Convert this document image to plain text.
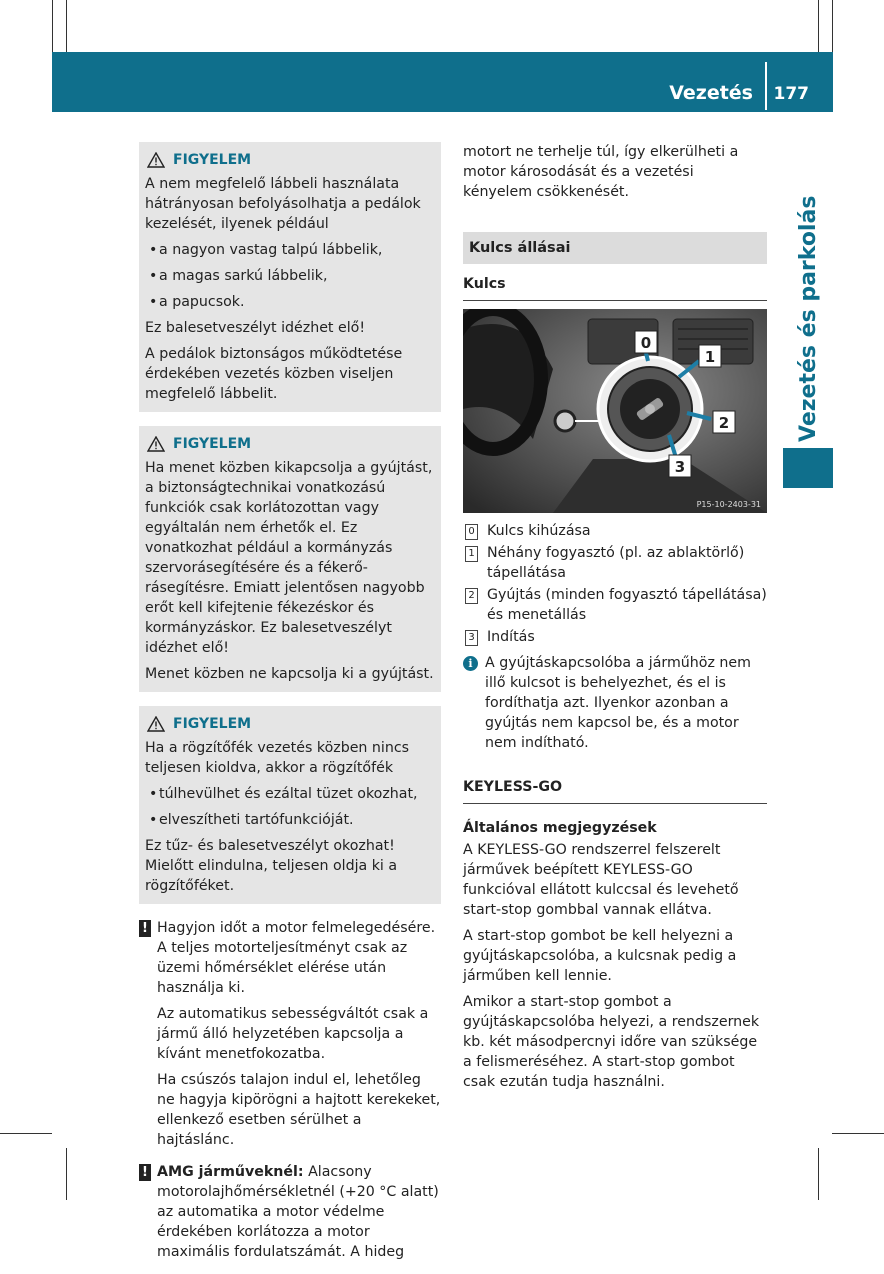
Vezetés 177
Vezetés és parkolás
FIGYELEM

A nem megfelelő lábbeli használata hátrányosan befolyásolhatja a pedálok kezelését, ilyenek például

• a nagyon vastag talpú lábbelik,
• a magas sarkú lábbelik,
• a papucsok.

Ez balesetveszélyt idézhet elő!

A pedálok biztonságos működtetése érdekében vezetés közben viseljen megfelelő lábbelit.

FIGYELEM

Ha menet közben kikapcsolja a gyújtást, a biztonságtechnikai vonatkozású funkciók csak korlátozottan vagy egyáltalán nem érhetők el. Ez vonatkozhat például a kormányzás szervorásegítésére és a fékerő-rásegítésre. Emiatt jelentősen nagyobb erőt kell kifejtenie fékezéskor és kormányzáskor. Ez balesetveszélyt idézhet elő!

Menet közben ne kapcsolja ki a gyújtást.

FIGYELEM

Ha a rögzítőfék vezetés közben nincs teljesen kioldva, akkor a rögzítőfék

• túlhevülhet és ezáltal tüzet okozhat,
• elveszítheti tartófunkcióját.

Ez tűz- és balesetveszélyt okozhat! Mielőtt elindulna, teljesen oldja ki a rögzítőféket.

! Hagyjon időt a motor felmelegedésére. A teljes motorteljesítményt csak az üzemi hőmérséklet elérése után használja ki.

Az automatikus sebességváltót csak a jármű álló helyzetében kapcsolja a kívánt menetfokozatba.

Ha csúszós talajon indul el, lehetőleg ne hagyja kipörögni a hajtott kerekeket, ellenkező esetben sérülhet a hajtáslánc.

! AMG járműveknél: Alacsony motorolajhőmérsékletnél (+20 °C alatt) az automatika a motor védelme érdekében korlátozza a motor maximális fordulatszámát. A hideg

motort ne terhelje túl, így elkerülheti a motor károsodását és a vezetési kényelem csökkenését.

Kulcs állásai
Kulcs
0
1
2
3
P15-10-2403-31
0 Kulcs kihúzása
1 Néhány fogyasztó (pl. az ablaktörlő) tápellátása
2 Gyújtás (minden fogyasztó tápellátása) és menetállás
3 Indítás
i A gyújtáskapcsolóba a járműhöz nem illő kulcsot is behelyezhet, és el is fordíthatja azt. Ilyenkor azonban a gyújtás nem kapcsol be, és a motor nem indítható.
KEYLESS-GO
Általános megjegyzések

A KEYLESS-GO rendszerrel felszerelt járművek beépített KEYLESS-GO funkcióval ellátott kulccsal és levehető start-stop gombbal vannak ellátva.

A start-stop gombot be kell helyezni a gyújtáskapcsolóba, a kulcsnak pedig a járműben kell lennie.

Amikor a start-stop gombot a gyújtáskapcsolóba helyezi, a rendszernek kb. két másodpercnyi időre van szüksége a felismeréséhez. A start-stop gombot csak ezután tudja használni.
